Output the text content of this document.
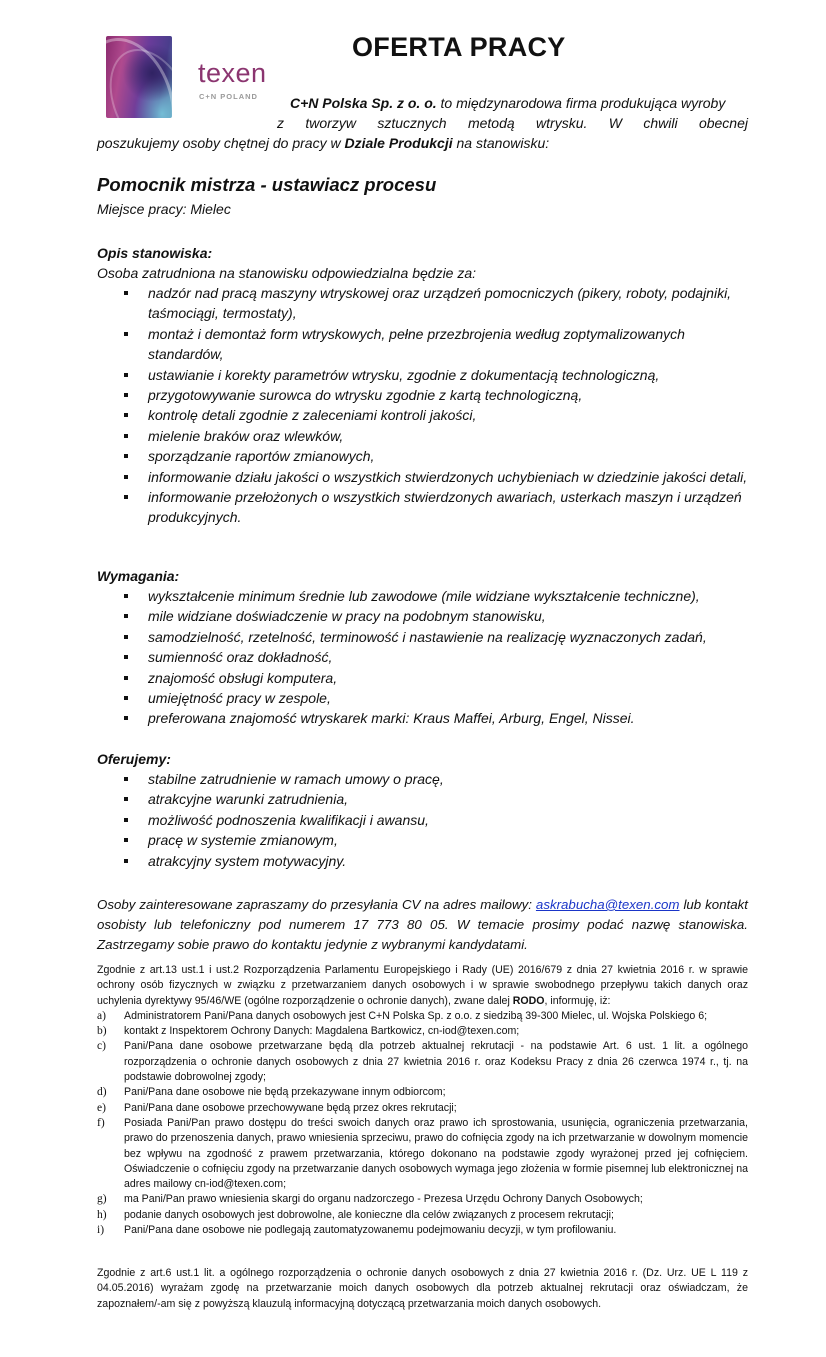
texen
C+N POLAND
OFERTA PRACY
C+N Polska Sp. z o. o. to międzynarodowa firma produkująca wyroby
z tworzyw sztucznych metodą wtrysku. W chwili obecnej
poszukujemy osoby chętnej do pracy w Dziale Produkcji na stanowisku:
Pomocnik mistrza - ustawiacz procesu
Miejsce pracy: Mielec
Opis stanowiska:
Osoba zatrudniona na stanowisku odpowiedzialna będzie za:
nadzór nad pracą maszyny wtryskowej oraz urządzeń pomocniczych (pikery, roboty, podajniki, taśmociągi, termostaty),
montaż i demontaż form wtryskowych, pełne przezbrojenia według zoptymalizowanych standardów,
ustawianie i korekty parametrów wtrysku, zgodnie z dokumentacją technologiczną,
przygotowywanie surowca do wtrysku zgodnie z kartą technologiczną,
kontrolę detali zgodnie z zaleceniami kontroli jakości,
mielenie braków oraz wlewków,
sporządzanie raportów zmianowych,
informowanie działu jakości o wszystkich stwierdzonych uchybieniach w dziedzinie jakości detali,
informowanie przełożonych o wszystkich stwierdzonych awariach, usterkach maszyn i urządzeń produkcyjnych.
Wymagania:
wykształcenie minimum średnie lub zawodowe (mile widziane wykształcenie techniczne),
mile widziane doświadczenie w pracy na podobnym stanowisku,
samodzielność, rzetelność, terminowość i nastawienie na realizację wyznaczonych zadań,
sumienność oraz dokładność,
znajomość obsługi komputera,
umiejętność pracy w zespole,
preferowana znajomość wtryskarek marki: Kraus Maffei, Arburg, Engel, Nissei.
Oferujemy:
stabilne zatrudnienie w ramach umowy o pracę,
atrakcyjne warunki zatrudnienia,
możliwość podnoszenia kwalifikacji i awansu,
pracę w systemie zmianowym,
atrakcyjny system motywacyjny.
Osoby zainteresowane zapraszamy do przesyłania CV na adres mailowy: askrabucha@texen.com lub kontakt osobisty lub telefoniczny pod numerem 17 773 80 05. W temacie prosimy podać nazwę stanowiska. Zastrzegamy sobie prawo do kontaktu jedynie z wybranymi kandydatami.
Zgodnie z art.13 ust.1 i ust.2 Rozporządzenia Parlamentu Europejskiego i Rady (UE) 2016/679 z dnia 27 kwietnia 2016 r. w sprawie ochrony osób fizycznych w związku z przetwarzaniem danych osobowych i w sprawie swobodnego przepływu takich danych oraz uchylenia dyrektywy 95/46/WE (ogólne rozporządzenie o ochronie danych), zwane dalej RODO, informuję, iż:
a) Administratorem Pani/Pana danych osobowych jest C+N Polska Sp. z o.o. z siedzibą 39-300 Mielec, ul. Wojska Polskiego 6;
b) kontakt z Inspektorem Ochrony Danych: Magdalena Bartkowicz, cn-iod@texen.com;
c) Pani/Pana dane osobowe przetwarzane będą dla potrzeb aktualnej rekrutacji - na podstawie Art. 6 ust. 1 lit. a ogólnego rozporządzenia o ochronie danych osobowych z dnia 27 kwietnia 2016 r. oraz Kodeksu Pracy z dnia 26 czerwca 1974 r., tj. na podstawie dobrowolnej zgody;
d) Pani/Pana dane osobowe nie będą przekazywane innym odbiorcom;
e) Pani/Pana dane osobowe przechowywane będą przez okres rekrutacji;
f) Posiada Pani/Pan prawo dostępu do treści swoich danych oraz prawo ich sprostowania, usunięcia, ograniczenia przetwarzania, prawo do przenoszenia danych, prawo wniesienia sprzeciwu, prawo do cofnięcia zgody na ich przetwarzanie w dowolnym momencie bez wpływu na zgodność z prawem przetwarzania, którego dokonano na podstawie zgody wyrażonej przed jej cofnięciem. Oświadczenie o cofnięciu zgody na przetwarzanie danych osobowych wymaga jego złożenia w formie pisemnej lub elektronicznej na adres mailowy cn-iod@texen.com;
g) ma Pani/Pan prawo wniesienia skargi do organu nadzorczego - Prezesa Urzędu Ochrony Danych Osobowych;
h) podanie danych osobowych jest dobrowolne, ale konieczne dla celów związanych z procesem rekrutacji;
i) Pani/Pana dane osobowe nie podlegają zautomatyzowanemu podejmowaniu decyzji, w tym profilowaniu.
Zgodnie z art.6 ust.1 lit. a ogólnego rozporządzenia o ochronie danych osobowych z dnia 27 kwietnia 2016 r. (Dz. Urz. UE L 119 z 04.05.2016) wyrażam zgodę na przetwarzanie moich danych osobowych dla potrzeb aktualnej rekrutacji oraz oświadczam, że zapoznałem/-am się z powyższą klauzulą informacyjną dotyczącą przetwarzania moich danych osobowych.
